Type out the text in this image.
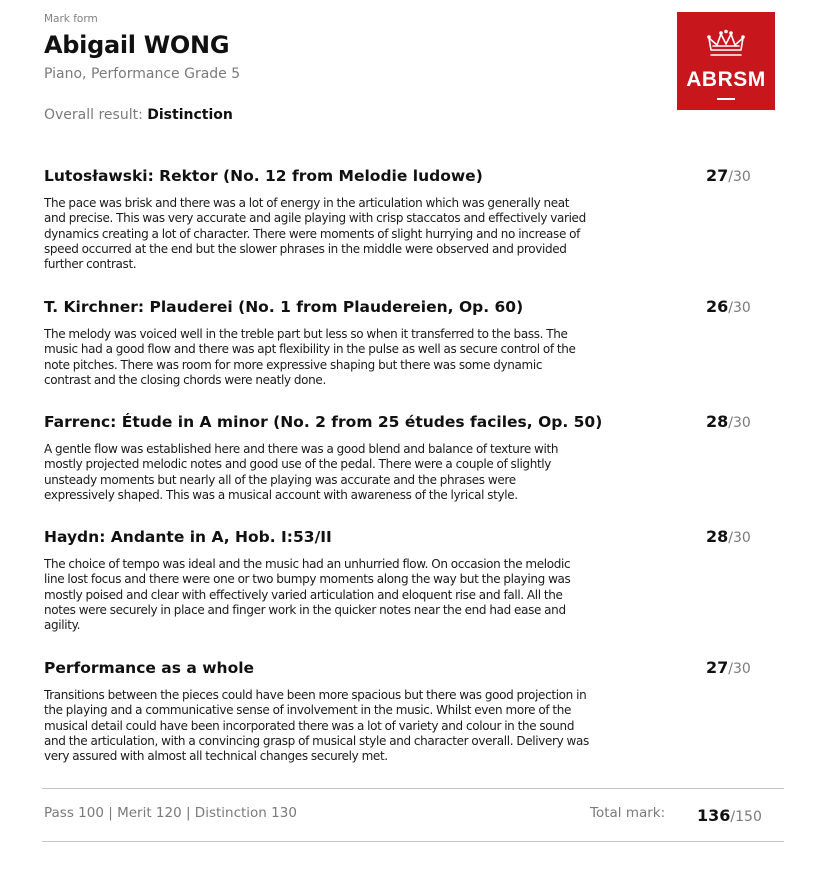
Mark form
Abigail WONG
Piano, Performance Grade 5
Overall result: Distinction
ABRSM
Lutosławski: Rektor (No. 12 from Melodie ludowe)	27/30
The pace was brisk and there was a lot of energy in the articulation which was generally neat and precise. This was very accurate and agile playing with crisp staccatos and effectively varied dynamics creating a lot of character. There were moments of slight hurrying and no increase of speed occurred at the end but the slower phrases in the middle were observed and provided further contrast.
T. Kirchner: Plauderei (No. 1 from Plaudereien, Op. 60)	26/30
The melody was voiced well in the treble part but less so when it transferred to the bass. The music had a good flow and there was apt flexibility in the pulse as well as secure control of the note pitches. There was room for more expressive shaping but there was some dynamic contrast and the closing chords were neatly done.
Farrenc: Étude in A minor (No. 2 from 25 études faciles, Op. 50)	28/30
A gentle flow was established here and there was a good blend and balance of texture with mostly projected melodic notes and good use of the pedal. There were a couple of slightly unsteady moments but nearly all of the playing was accurate and the phrases were expressively shaped. This was a musical account with awareness of the lyrical style.
Haydn: Andante in A, Hob. I:53/II	28/30
The choice of tempo was ideal and the music had an unhurried flow. On occasion the melodic line lost focus and there were one or two bumpy moments along the way but the playing was mostly poised and clear with effectively varied articulation and eloquent rise and fall. All the notes were securely in place and finger work in the quicker notes near the end had ease and agility.
Performance as a whole	27/30
Transitions between the pieces could have been more spacious but there was good projection in the playing and a communicative sense of involvement in the music. Whilst even more of the musical detail could have been incorporated there was a lot of variety and colour in the sound and the articulation, with a convincing grasp of musical style and character overall. Delivery was very assured with almost all technical changes securely met.
Pass 100 | Merit 120 | Distinction 130	Total mark: 136/150
